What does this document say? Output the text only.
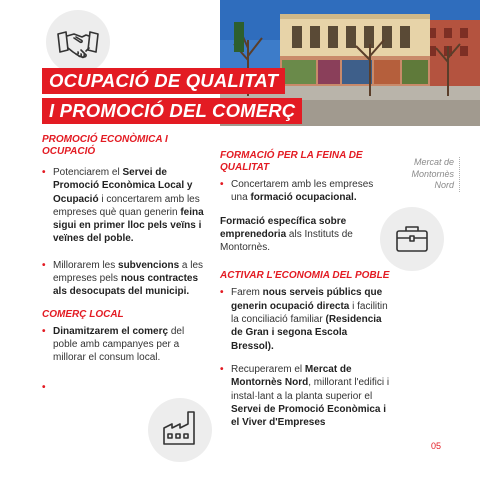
OCUPACIÓ DE QUALITAT
I PROMOCIÓ DEL COMERÇ

PROMOCIÓ ECONÒMICA I
OCUPACIÓ

• Potenciarem el Servei de Promoció Econòmica Local y Ocupació i concertarem amb les empreses què quan generin feina sigui en primer lloc pels veïns i veïnes del poble.

• Millorarem les subvencions a les empreses pels nous contractes als desocupats del municipi.

COMERÇ LOCAL

• Dinamitzarem el comerç del poble amb campanyes per a millorar el consum local.

Mercat de
Montornès
Nord

FORMACIÓ PER LA FEINA DE
QUALITAT

• Concertarem amb les empreses una formació ocupacional.

Formació específica sobre emprenedoria als Instituts de Montornès.

ACTIVAR L'ECONOMIA DEL POBLE

• Farem nous serveis públics que generin ocupació directa i facilitin la conciliació familiar (Residencia de Gran i segona Escola Bressol).

• Recuperarem el Mercat de Montornès Nord, millorant l'edifici i instal·lant a la planta superior el Servei de Promoció Econòmica i el Viver d'Empreses

05
